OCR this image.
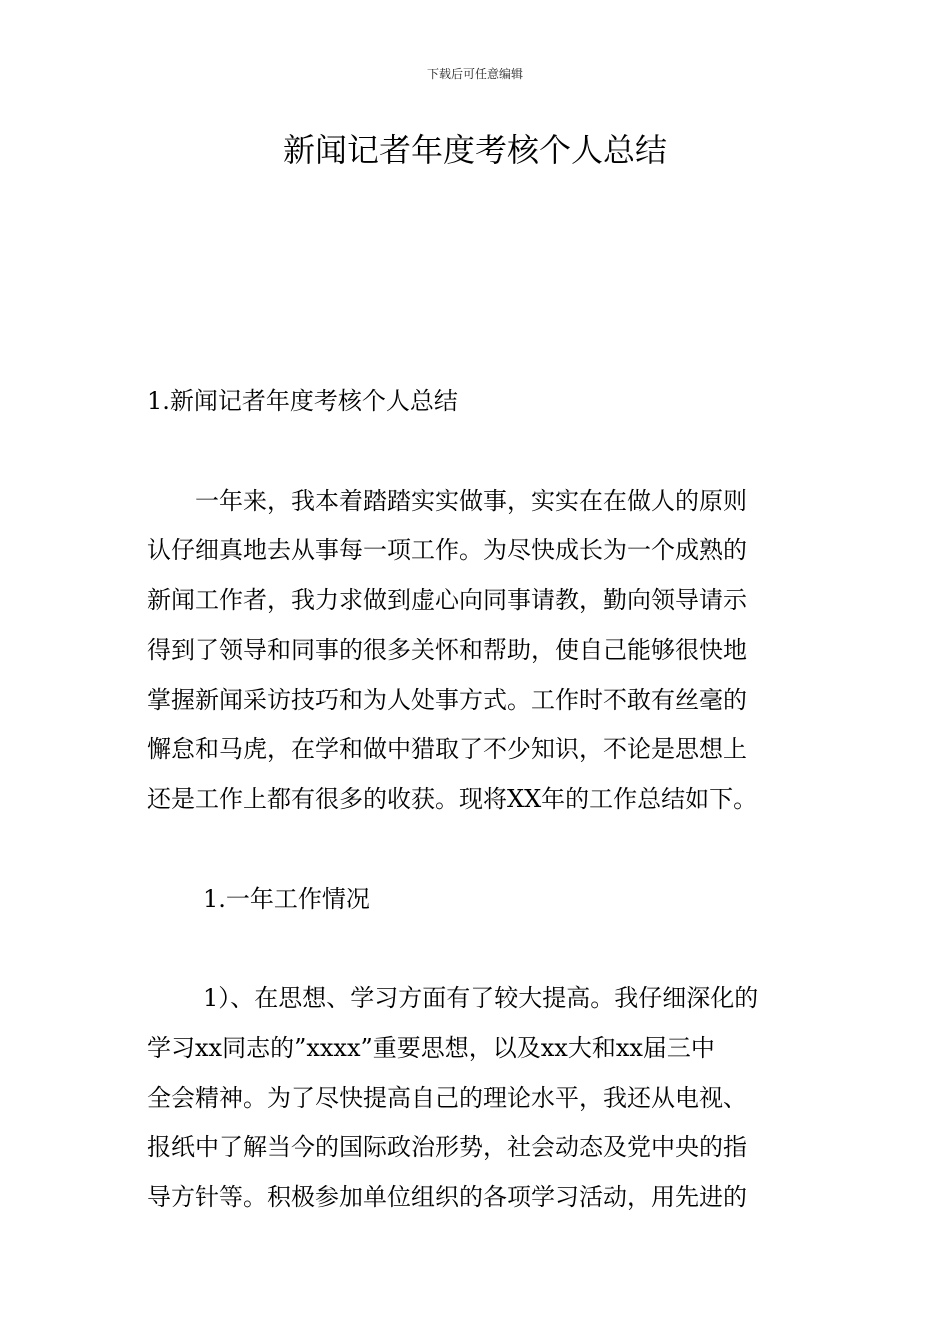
下载后可任意编辑
新闻记者年度考核个人总结

1.新闻记者年度考核个人总结

一年来，我本着踏踏实实做事，实实在在做人的原则

认仔细真地去从事每一项工作。为尽快成长为一个成熟的

新闻工作者，我力求做到虚心向同事请教，勤向领导请示

得到了领导和同事的很多关怀和帮助，使自己能够很快地

掌握新闻采访技巧和为人处事方式。工作时不敢有丝毫的

懈怠和马虎，在学和做中猎取了不少知识，不论是思想上

还是工作上都有很多的收获。现将XX年的工作总结如下。

1.一年工作情况

1）、在思想、学习方面有了较大提高。我仔细深化的

学习xx同志的”xxxx”重要思想，以及xx大和xx届三中

全会精神。为了尽快提高自己的理论水平，我还从电视、

报纸中了解当今的国际政治形势，社会动态及党中央的指

导方针等。积极参加单位组织的各项学习活动，用先进的
